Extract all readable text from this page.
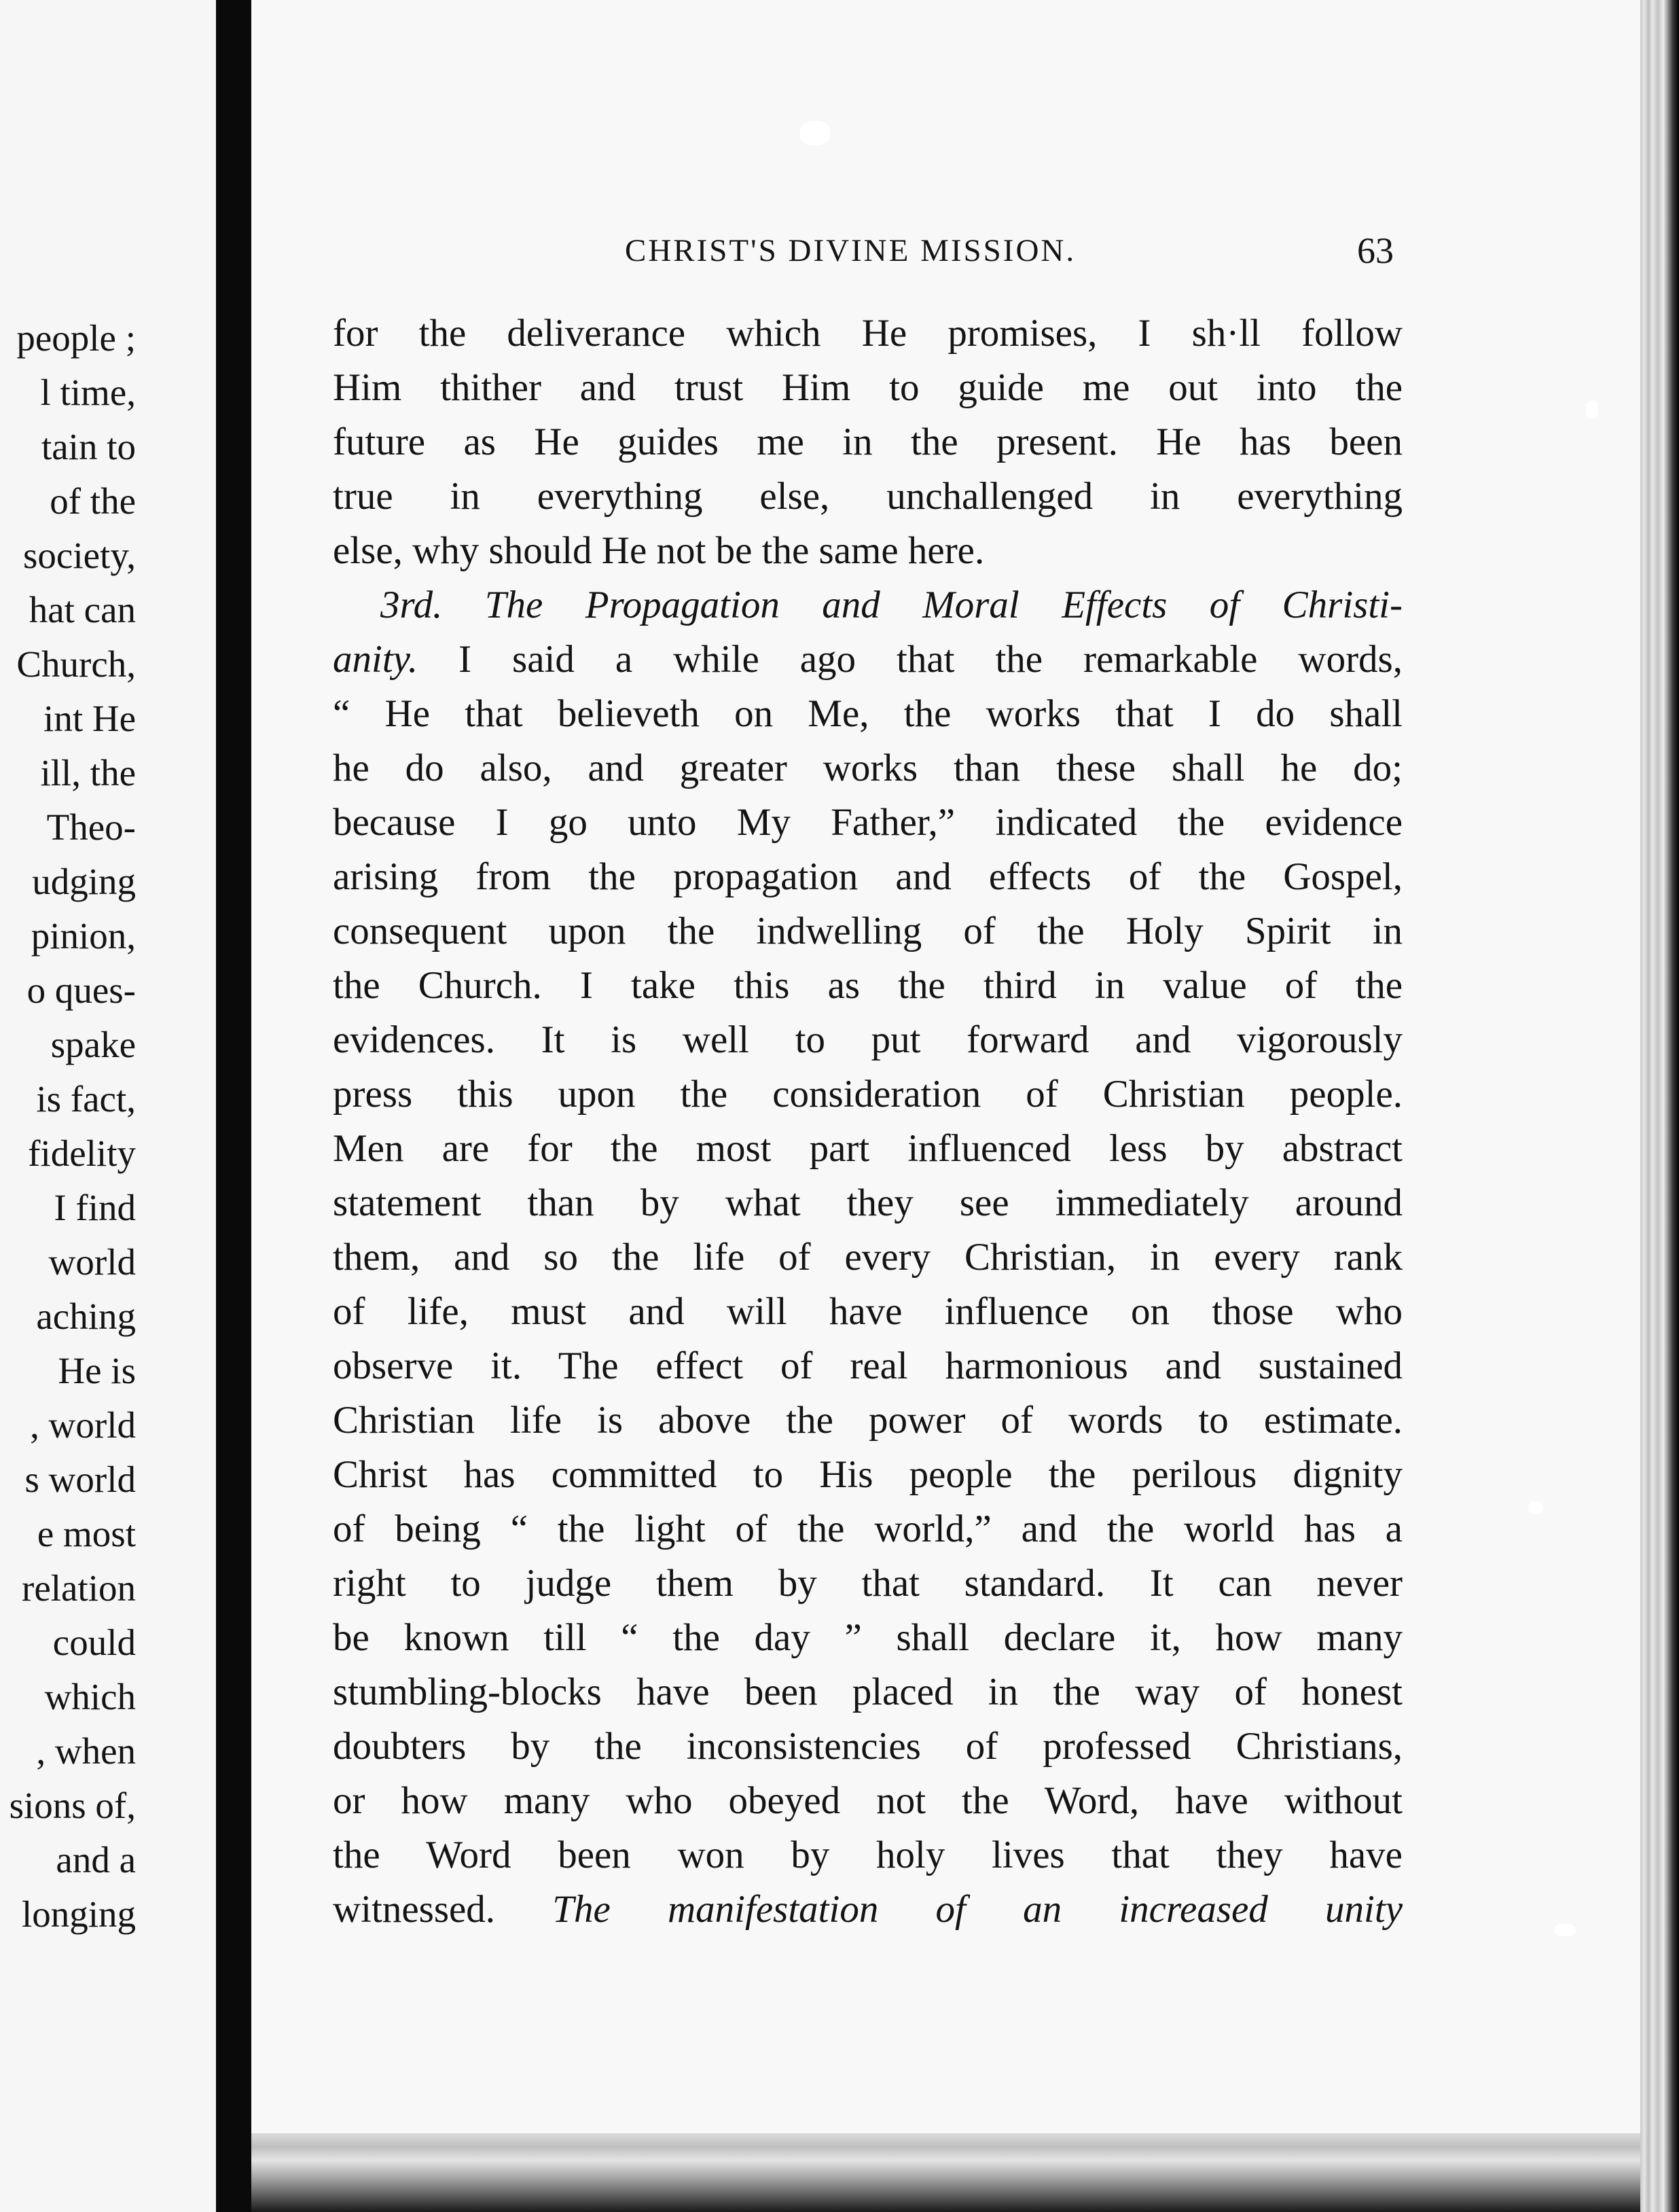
people ;
l time,
tain to
of the
society,
hat can
Church,
int He
ill, the
Theo-
udging
pinion,
o ques-
spake
is fact,
fidelity
I find
world
aching
He is
, world
s world
e most
relation
could
which
, when
sions of,
and a
longing
CHRIST'S DIVINE MISSION.	63
for the deliverance which He promises, I sh·ll follow
Him thither and trust Him to guide me out into the
future as He guides me in the present. He has been
true in everything else, unchallenged in everything
else, why should He not be the same here.
3rd. The Propagation and Moral Effects of Christi-
anity. I said a while ago that the remarkable words,
“ He that believeth on Me, the works that I do shall
he do also, and greater works than these shall he do;
because I go unto My Father,” indicated the evidence
arising from the propagation and effects of the Gospel,
consequent upon the indwelling of the Holy Spirit in
the Church. I take this as the third in value of the
evidences. It is well to put forward and vigorously
press this upon the consideration of Christian people.
Men are for the most part influenced less by abstract
statement than by what they see immediately around
them, and so the life of every Christian, in every rank
of life, must and will have influence on those who
observe it. The effect of real harmonious and sustained
Christian life is above the power of words to estimate.
Christ has committed to His people the perilous dignity
of being “ the light of the world,” and the world has a
right to judge them by that standard. It can never
be known till “ the day ” shall declare it, how many
stumbling-blocks have been placed in the way of honest
doubters by the inconsistencies of professed Christians,
or how many who obeyed not the Word, have without
the Word been won by holy lives that they have
witnessed. The manifestation of an increased unity
